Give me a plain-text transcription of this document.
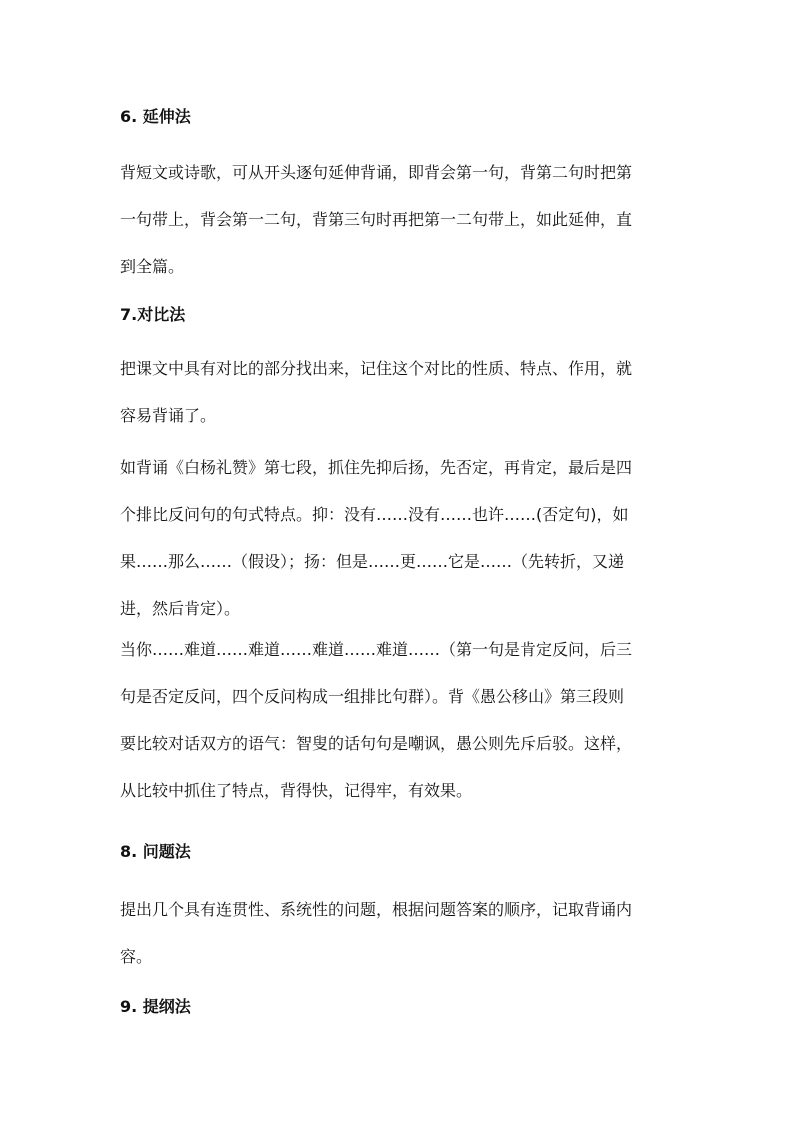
6. 延伸法

背短文或诗歌，可从开头逐句延伸背诵，即背会第一句，背第二句时把第
一句带上，背会第一二句，背第三句时再把第一二句带上，如此延伸，直
到全篇。

7.对比法

把课文中具有对比的部分找出来，记住这个对比的性质、特点、作用，就
容易背诵了。

如背诵《白杨礼赞》第七段，抓住先抑后扬，先否定，再肯定，最后是四
个排比反问句的句式特点。抑：没有……没有……也许……(否定句)，如
果……那么……（假设）；扬：但是……更……它是……（先转折，又递
进，然后肯定）。

当你……难道……难道……难道……难道……（第一句是肯定反问，后三
句是否定反问，四个反问构成一组排比句群）。背《愚公移山》第三段则
要比较对话双方的语气：智叟的话句句是嘲讽，愚公则先斥后驳。这样，
从比较中抓住了特点，背得快，记得牢，有效果。

8. 问题法

提出几个具有连贯性、系统性的问题，根据问题答案的顺序，记取背诵内
容。

9. 提纲法
